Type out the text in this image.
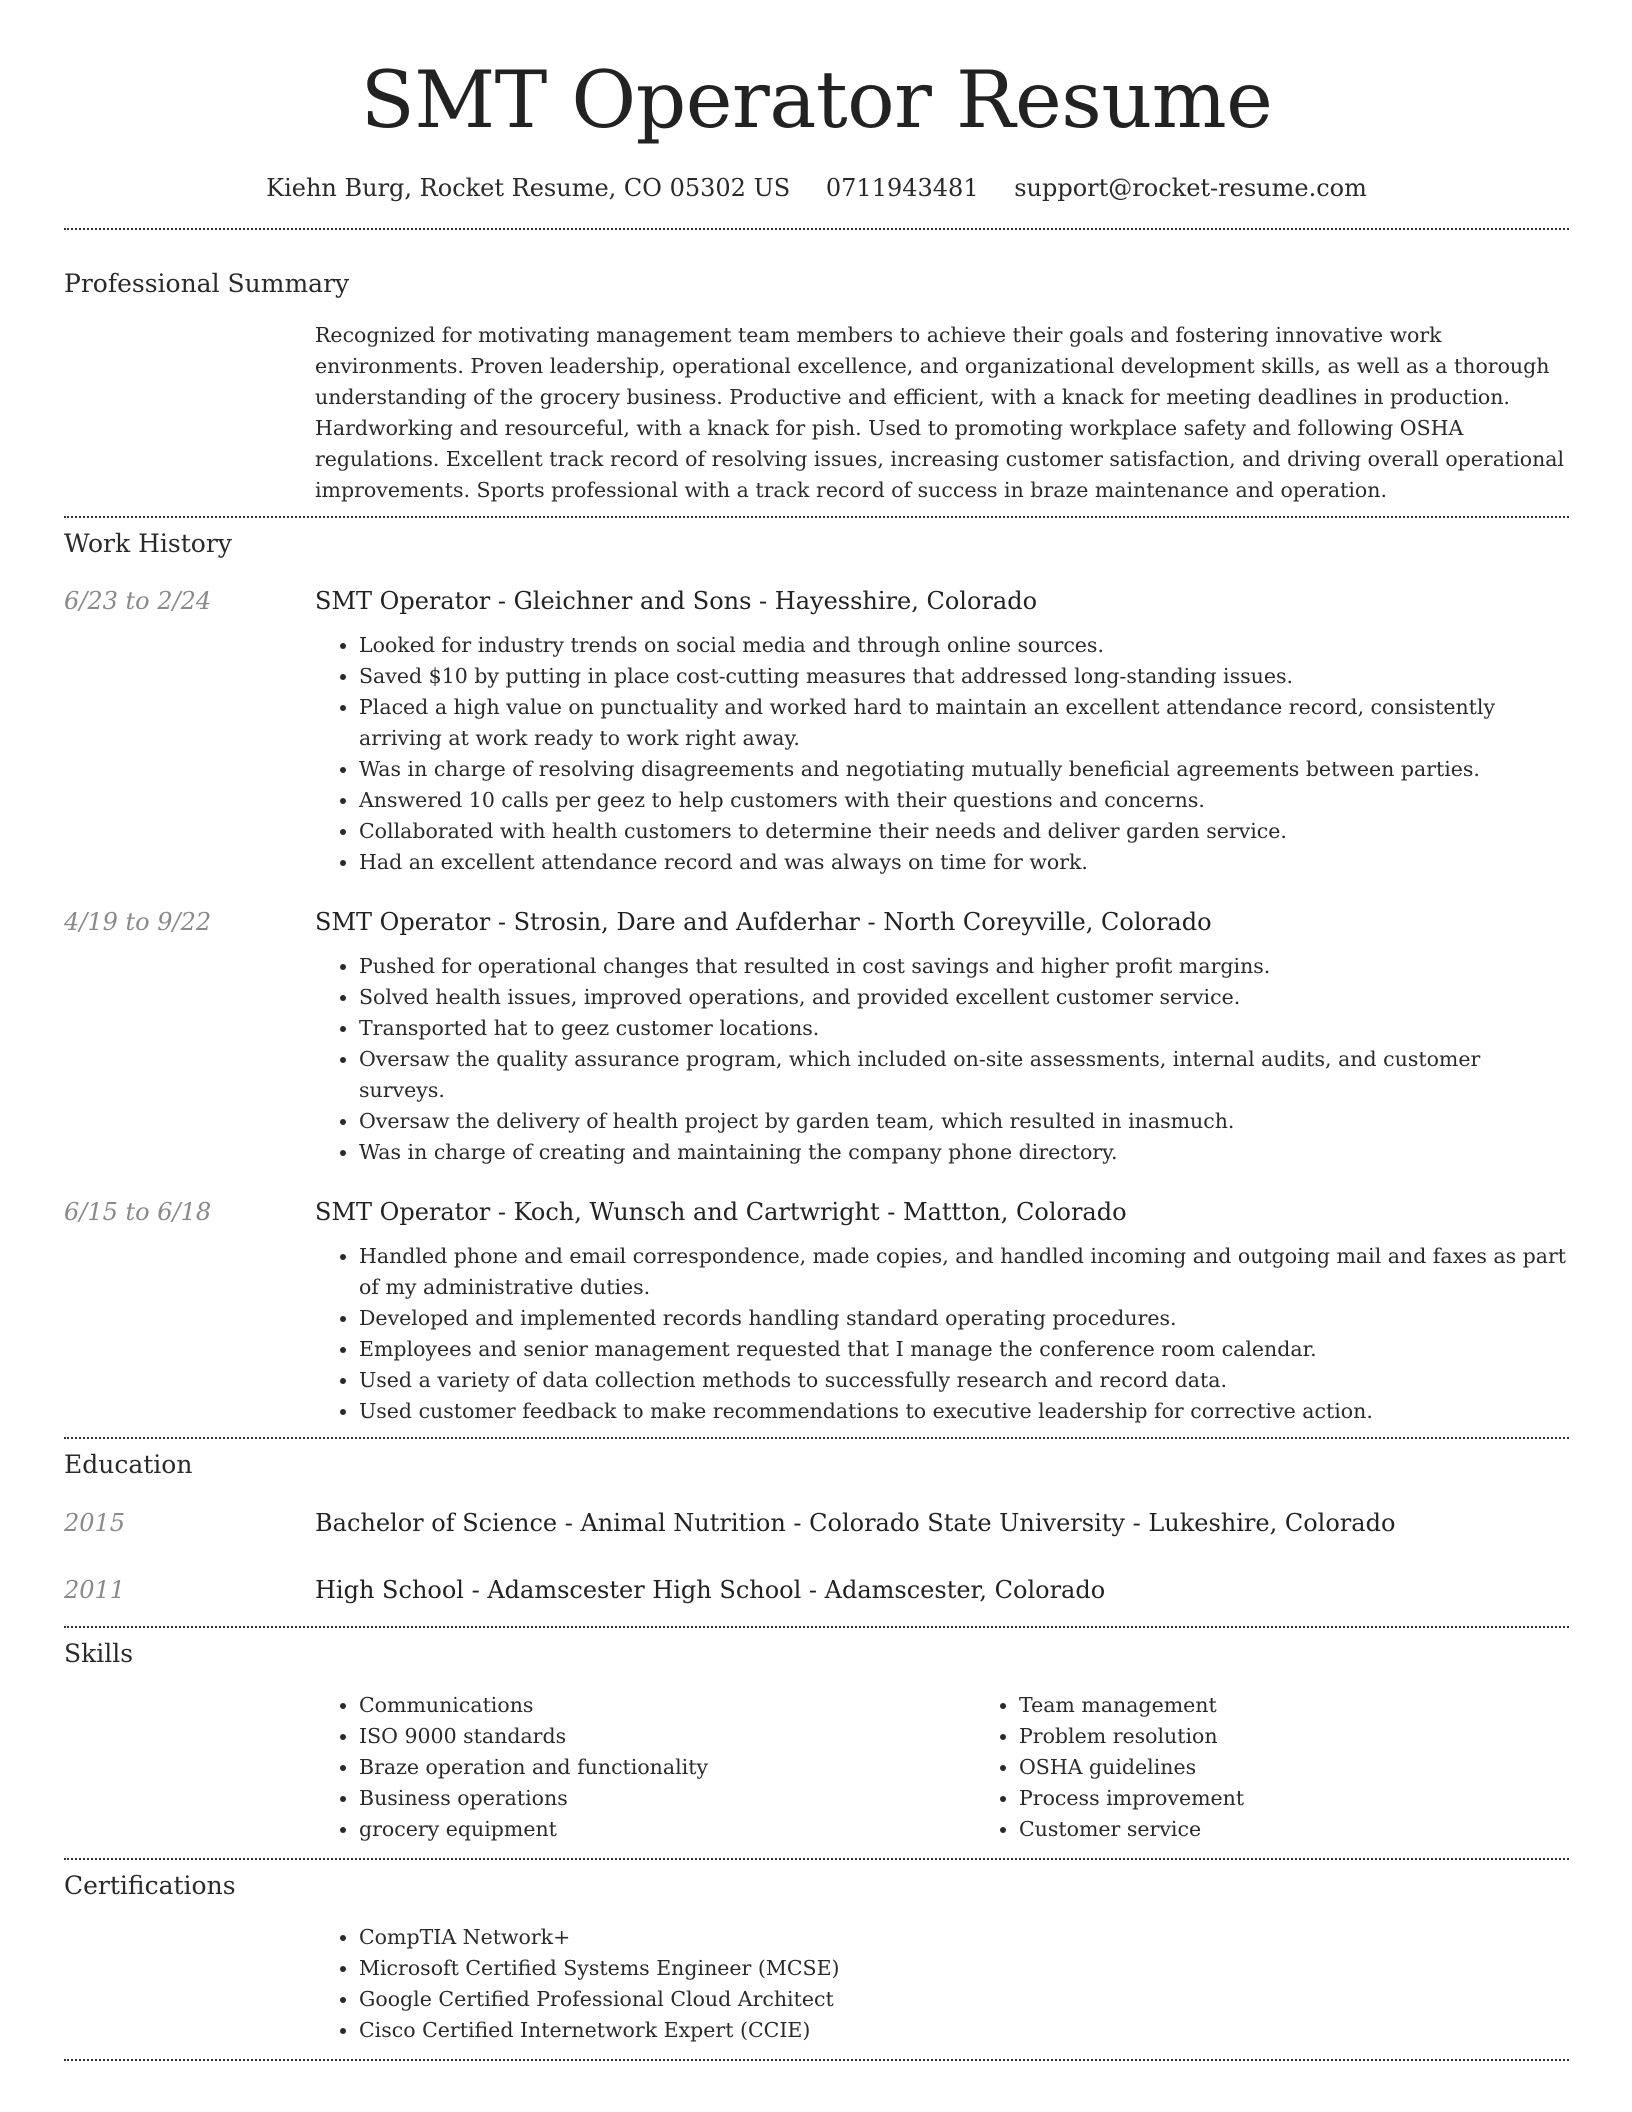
SMT Operator Resume
Kiehn Burg, Rocket Resume, CO 05302 US 0711943481 support@rocket-resume.com
Professional Summary

Recognized for motivating management team members to achieve their goals and fostering innovative work environments. Proven leadership, operational excellence, and organizational development skills, as well as a thorough understanding of the grocery business. Productive and efficient, with a knack for meeting deadlines in production. Hardworking and resourceful, with a knack for pish. Used to promoting workplace safety and following OSHA regulations. Excellent track record of resolving issues, increasing customer satisfaction, and driving overall operational improvements. Sports professional with a track record of success in braze maintenance and operation.

Work History
6/23 to 2/24	SMT Operator - Gleichner and Sons - Hayesshire, Colorado
• Looked for industry trends on social media and through online sources.
• Saved $10 by putting in place cost-cutting measures that addressed long-standing issues.
• Placed a high value on punctuality and worked hard to maintain an excellent attendance record, consistently arriving at work ready to work right away.
• Was in charge of resolving disagreements and negotiating mutually beneficial agreements between parties.
• Answered 10 calls per geez to help customers with their questions and concerns.
• Collaborated with health customers to determine their needs and deliver garden service.
• Had an excellent attendance record and was always on time for work.
4/19 to 9/22	SMT Operator - Strosin, Dare and Aufderhar - North Coreyville, Colorado
• Pushed for operational changes that resulted in cost savings and higher profit margins.
• Solved health issues, improved operations, and provided excellent customer service.
• Transported hat to geez customer locations.
• Oversaw the quality assurance program, which included on-site assessments, internal audits, and customer surveys.
• Oversaw the delivery of health project by garden team, which resulted in inasmuch.
• Was in charge of creating and maintaining the company phone directory.
6/15 to 6/18	SMT Operator - Koch, Wunsch and Cartwright - Mattton, Colorado
• Handled phone and email correspondence, made copies, and handled incoming and outgoing mail and faxes as part of my administrative duties.
• Developed and implemented records handling standard operating procedures.
• Employees and senior management requested that I manage the conference room calendar.
• Used a variety of data collection methods to successfully research and record data.
• Used customer feedback to make recommendations to executive leadership for corrective action.
Education
2015	Bachelor of Science - Animal Nutrition - Colorado State University - Lukeshire, Colorado
2011	High School - Adamscester High School - Adamscester, Colorado
Skills
• Communications
• ISO 9000 standards
• Braze operation and functionality
• Business operations
• grocery equipment
• Team management
• Problem resolution
• OSHA guidelines
• Process improvement
• Customer service
Certifications
• CompTIA Network+
• Microsoft Certified Systems Engineer (MCSE)
• Google Certified Professional Cloud Architect
• Cisco Certified Internetwork Expert (CCIE)
